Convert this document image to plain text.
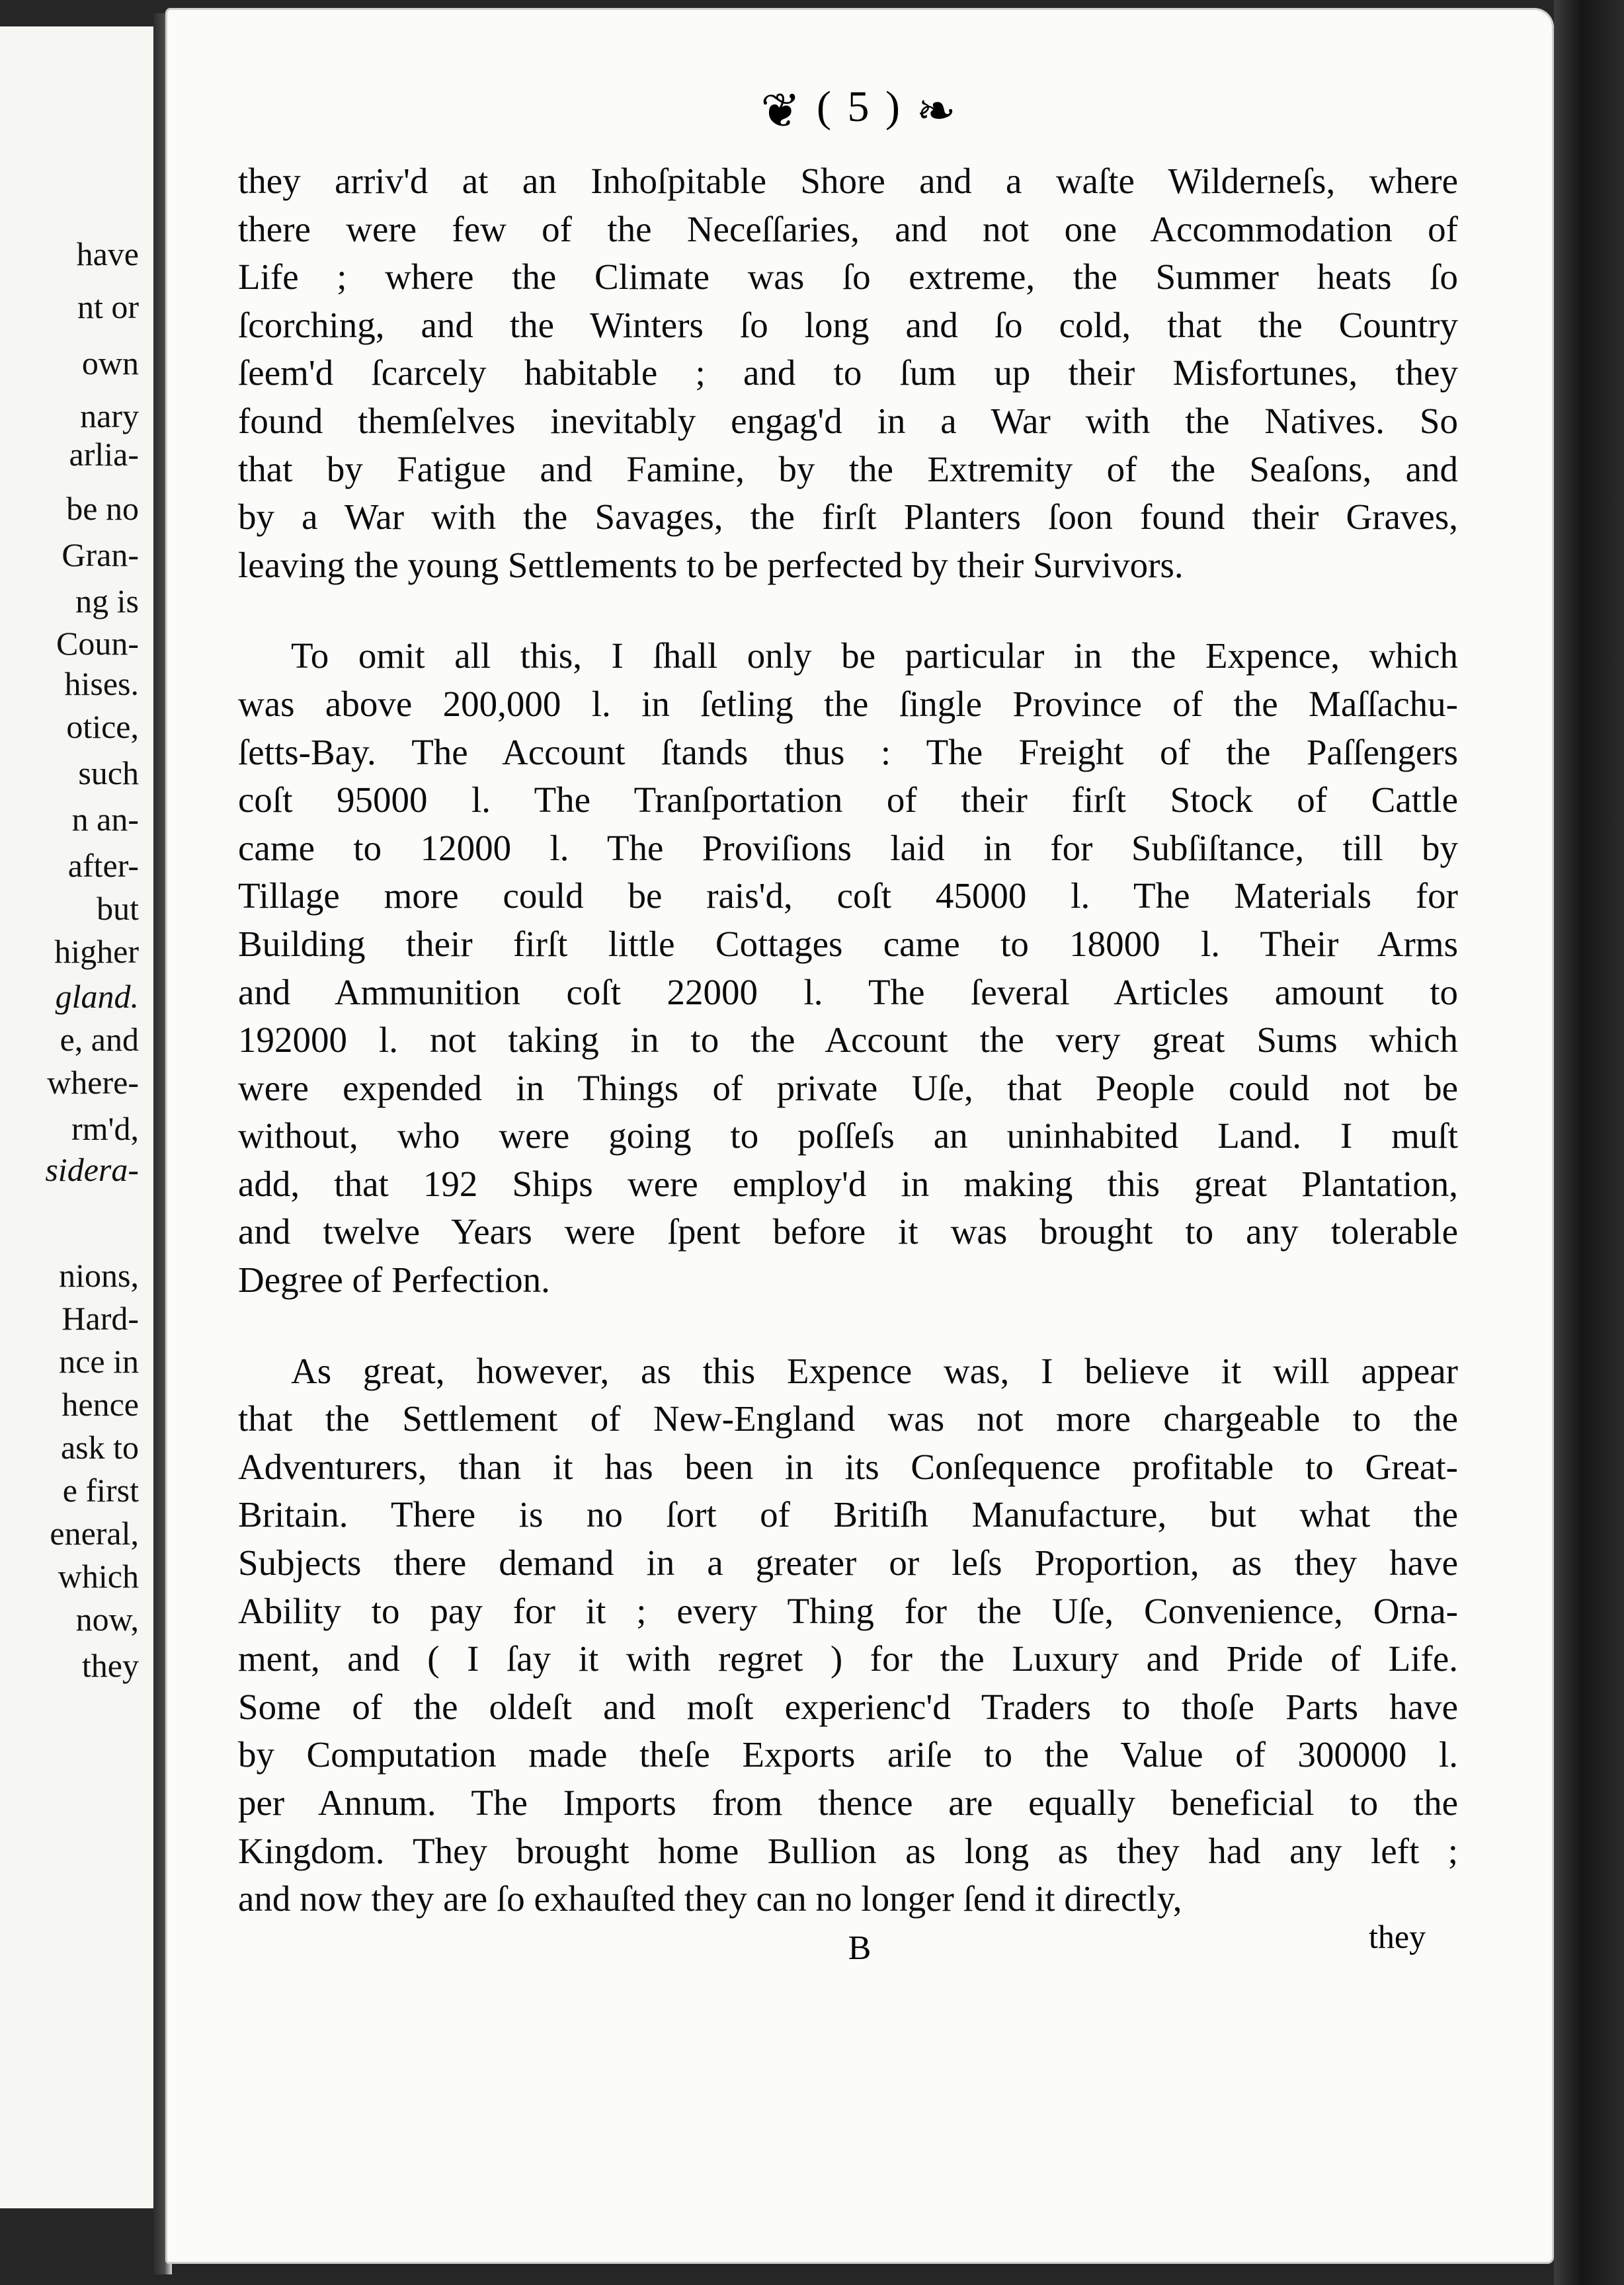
have
nt or
own
nary
arlia-
be no
Gran-
ng is
Coun-
hises.
otice,
such
n an-
after-
but
higher
gland.
e, and
where-
rm'd,
sidera-
nions,
Hard-
nce in
hence
ask to
e first
eneral,
which
now,
they
❦ ( 5 ) ❧
they arriv'd at an Inhoſpitable Shore and a waſte Wilderneſs, where
there were few of the Neceſſaries, and not one Accommodation of
Life ; where the Climate was ſo extreme, the Summer heats ſo
ſcorching, and the Winters ſo long and ſo cold, that the Country
ſeem'd ſcarcely habitable ; and to ſum up their Misfortunes, they
found themſelves inevitably engag'd in a War with the Natives. So
that by Fatigue and Famine, by the Extremity of the Seaſons, and
by a War with the Savages, the firſt Planters ſoon found their Graves,
leaving the young Settlements to be perfected by their Survivors.
To omit all this, I ſhall only be particular in the Expence, which
was above 200,000 l. in ſetling the ſingle Province of the Maſſachu-
ſetts-Bay. The Account ſtands thus : The Freight of the Paſſengers
coſt 95000 l. The Tranſportation of their firſt Stock of Cattle
came to 12000 l. The Proviſions laid in for Subſiſtance, till by
Tillage more could be rais'd, coſt 45000 l. The Materials for
Building their firſt little Cottages came to 18000 l. Their Arms
and Ammunition coſt 22000 l. The ſeveral Articles amount to
192000 l. not taking in to the Account the very great Sums which
were expended in Things of private Uſe, that People could not be
without, who were going to poſſeſs an uninhabited Land. I muſt
add, that 192 Ships were employ'd in making this great Plantation,
and twelve Years were ſpent before it was brought to any tolerable
Degree of Perfection.
As great, however, as this Expence was, I believe it will appear
that the Settlement of New-England was not more chargeable to the
Adventurers, than it has been in its Conſequence profitable to Great-
Britain. There is no ſort of Britiſh Manufacture, but what the
Subjects there demand in a greater or leſs Proportion, as they have
Ability to pay for it ; every Thing for the Uſe, Convenience, Orna-
ment, and ( I ſay it with regret ) for the Luxury and Pride of Life.
Some of the oldeſt and moſt experienc'd Traders to thoſe Parts have
by Computation made theſe Exports ariſe to the Value of 300000 l.
per Annum. The Imports from thence are equally beneficial to the
Kingdom. They brought home Bullion as long as they had any left ;
and now they are ſo exhauſted they can no longer ſend it directly,
B	they
